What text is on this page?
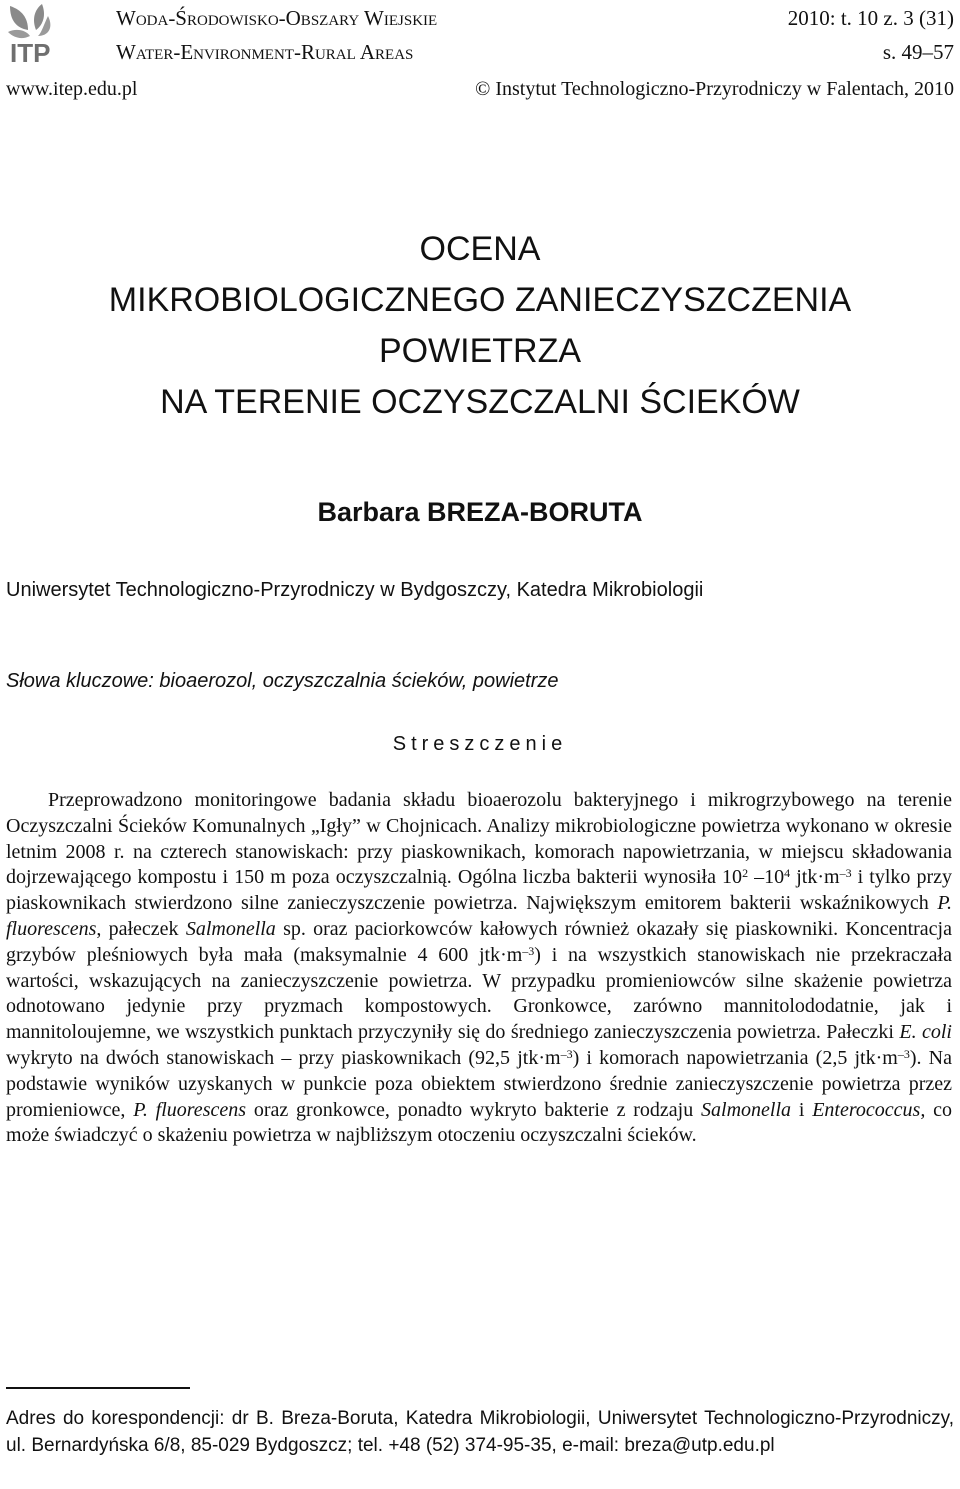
ITP
Woda-Środowisko-Obszary Wiejskie	2010: t. 10 z. 3 (31)
Water-Environment-Rural Areas	s. 49–57
www.itep.edu.pl	© Instytut Technologiczno-Przyrodniczy w Falentach, 2010
OCENA
MIKROBIOLOGICZNEGO ZANIECZYSZCZENIA
POWIETRZA
NA TERENIE OCZYSZCZALNI ŚCIEKÓW
Barbara BREZA-BORUTA
Uniwersytet Technologiczno-Przyrodniczy w Bydgoszczy, Katedra Mikrobiologii
Słowa kluczowe: bioaerozol, oczyszczalnia ścieków, powietrze
Streszczenie

Przeprowadzono monitoringowe badania składu bioaerozolu bakteryjnego i mikrogrzybowego na terenie Oczyszczalni Ścieków Komunalnych „Igły” w Chojnicach. Analizy mikrobiologiczne powietrza wykonano w okresie letnim 2008 r. na czterech stanowiskach: przy piaskownikach, komorach napowietrzania, w miejscu składowania dojrzewającego kompostu i 150 m poza oczyszczalnią. Ogólna liczba bakterii wynosiła $10^2$ $-10^4$ $jtk\cdot m^{-3}$ i tylko przy piaskownikach stwierdzono silne zanieczyszczenie powietrza. Największym emitorem bakterii wskaźnikowych P. fluorescens, pałeczek Salmonella sp. oraz paciorkowców kałowych również okazały się piaskowniki. Koncentracja grzybów pleśniowych była mała (maksymalnie 4 600 $jtk\cdot m^{-3}$) i na wszystkich stanowiskach nie przekraczała wartości, wskazujących na zanieczyszczenie powietrza. W przypadku promieniowców silne skażenie powietrza odnotowano jedynie przy pryzmach kompostowych. Gronkowce, zarówno mannitolododatnie, jak i mannitoloujemne, we wszystkich punktach przyczyniły się do średniego zanieczyszczenia powietrza. Pałeczki E. coli wykryto na dwóch stanowiskach – przy piaskownikach (92,5 $jtk\cdot m^{-3}$) i komorach napowietrzania (2,5 $jtk\cdot m^{-3}$). Na podstawie wyników uzyskanych w punkcie poza obiektem stwierdzono średnie zanieczyszczenie powietrza przez promieniowce, P. fluorescens oraz gronkowce, ponadto wykryto bakterie z rodzaju Salmonella i Enterococcus, co może świadczyć o skażeniu powietrza w najbliższym otoczeniu oczyszczalni ścieków.

Adres do korespondencji: dr B. Breza-Boruta, Katedra Mikrobiologii, Uniwersytet Technologiczno-Przyrodniczy, ul. Bernardyńska 6/8, 85-029 Bydgoszcz; tel. +48 (52) 374-95-35, e-mail: breza@utp.edu.pl
